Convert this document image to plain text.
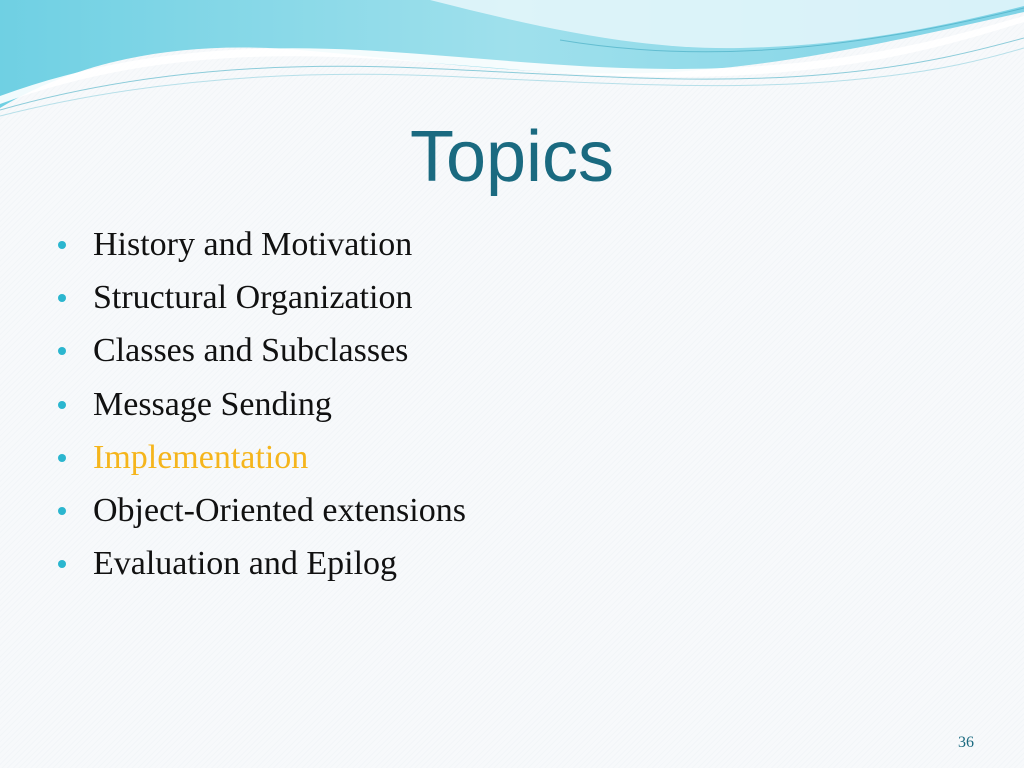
Topics
History and Motivation
Structural Organization
Classes and Subclasses
Message Sending
Implementation
Object-Oriented extensions
Evaluation and Epilog
36
